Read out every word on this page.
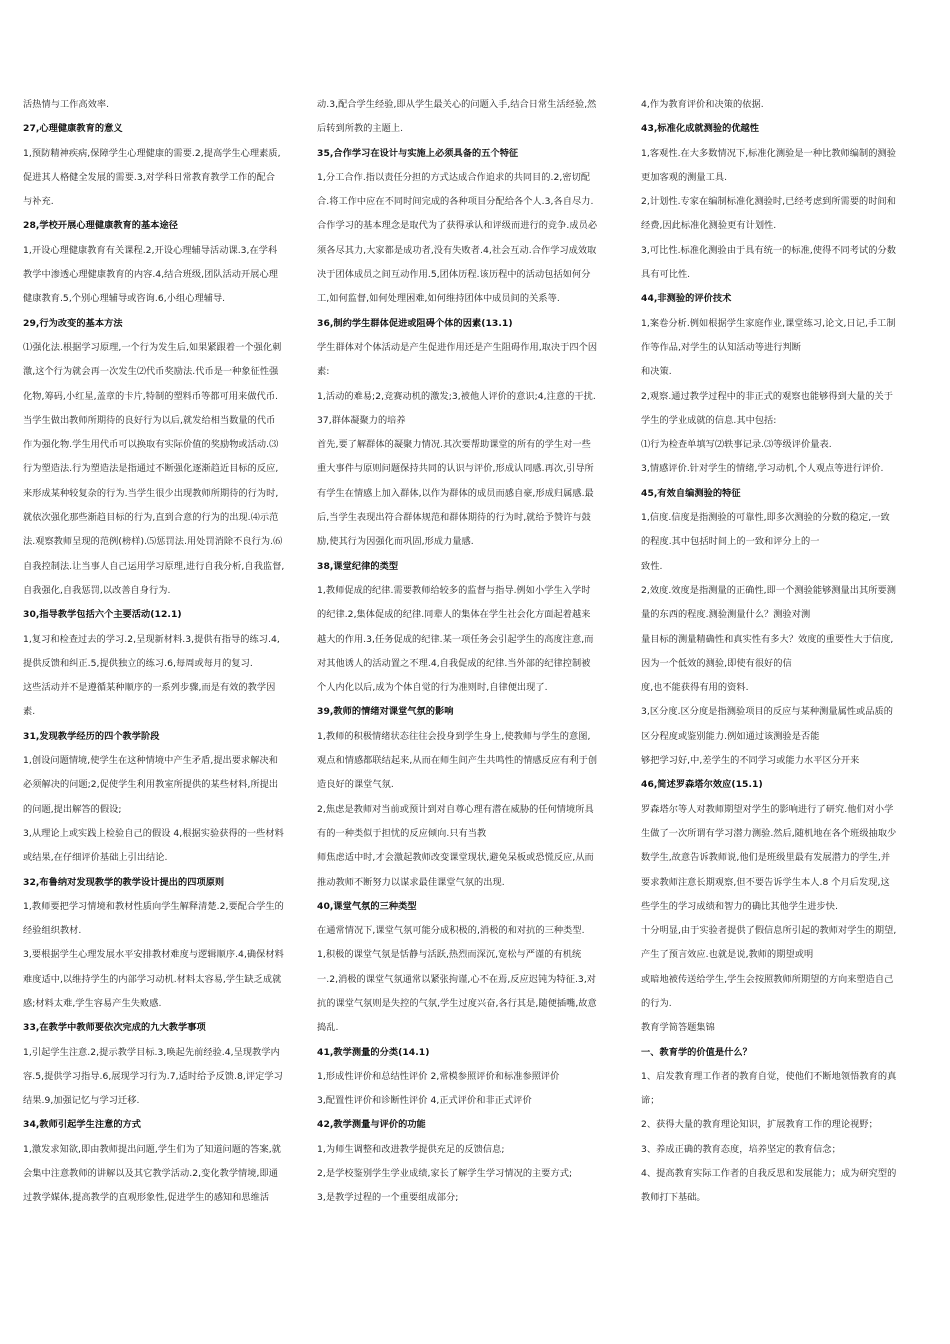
活热情与工作高效率.
27,心理健康教育的意义
1,预防精神疾病,保障学生心理健康的需要.2,提高学生心理素质,
促进其人格健全发展的需要.3,对学科日常教育教学工作的配合
与补充.
28,学校开展心理健康教育的基本途径
1,开设心理健康教育有关课程.2,开设心理辅导活动课.3,在学科
教学中渗透心理健康教育的内容.4,结合班级,团队活动开展心理
健康教育.5,个别心理辅导或咨询.6,小组心理辅导.
29,行为改变的基本方法
⑴强化法.根据学习原理,一个行为发生后,如果紧跟着一个强化刺
激,这个行为就会再一次发生⑵代币奖励法.代币是一种象征性强
化物,筹码,小红星,盖章的卡片,特制的塑料币等都可用来做代币.
当学生做出教师所期待的良好行为以后,就发给相当数量的代币
作为强化物.学生用代币可以换取有实际价值的奖励物或活动.⑶
行为塑造法.行为塑造法是指通过不断强化逐渐趋近目标的反应,
来形成某种较复杂的行为.当学生很少出现教师所期待的行为时,
就依次强化那些渐趋目标的行为,直到合意的行为的出现.⑷示范
法.观察教师呈现的范例(榜样).⑸惩罚法.用处罚消除不良行为.⑹
自我控制法.让当事人自己运用学习原理,进行自我分析,自我监督,
自我强化,自我惩罚,以改善自身行为.
30,指导教学包括六个主要活动(12.1)
1,复习和检查过去的学习.2,呈现新材料.3,提供有指导的练习.4,
提供反馈和纠正.5,提供独立的练习.6,每周或每月的复习.
这些活动并不是遵循某种顺序的一系列步骤,而是有效的教学因
素.
31,发现教学经历的四个教学阶段
1,创设问题情境,使学生在这种情境中产生矛盾,提出要求解决和
必须解决的问题;2,促使学生利用教室所提供的某些材料,所提出
的问题,提出解答的假设;
3,从理论上或实践上检验自己的假设 4,根据实验获得的一些材料
或结果,在仔细评价基础上引出结论.
32,布鲁纳对发现教学的教学设计提出的四项原则
1,教师要把学习情境和教材性质向学生解释清楚.2,要配合学生的
经验组织教材.
3,要根据学生心理发展水平安排教材难度与逻辑顺序.4,确保材料
难度适中,以维持学生的内部学习动机.材料太容易,学生缺乏成就
感;材料太难,学生容易产生失败感.
33,在教学中教师要依次完成的九大教学事项
1,引起学生注意.2,提示教学目标.3,唤起先前经验.4,呈现教学内
容.5,提供学习指导.6,展现学习行为.7,适时给予反馈.8,评定学习
结果.9,加强记忆与学习迁移.
34,教师引起学生注意的方式
1,激发求知欲,即由教师提出问题,学生们为了知道问题的答案,就
会集中注意教师的讲解以及其它教学活动.2,变化教学情境,即通
过教学媒体,提高教学的直观形象性,促进学生的感知和思维活
动.3,配合学生经验,即从学生最关心的问题入手,结合日常生活经验,然
后转到所教的主题上.
35,合作学习在设计与实施上必须具备的五个特征
1,分工合作.指以责任分担的方式达成合作追求的共同目的.2,密切配
合.将工作中应在不同时间完成的各种项目分配给各个人.3,各自尽力.
合作学习的基本理念是取代为了获得承认和评级而进行的竞争.成员必
须各尽其力,大家都是成功者,没有失败者.4,社会互动.合作学习成效取
决于团体成员之间互动作用.5,团体历程.该历程中的活动包括如何分
工,如何监督,如何处理困难,如何维持团体中成员间的关系等.
36,制约学生群体促进或阻碍个体的因素(13.1)
学生群体对个体活动是产生促进作用还是产生阻碍作用,取决于四个因
素:
1,活动的难易;2,竞赛动机的激发;3,被他人评价的意识;4,注意的干扰.
37,群体凝聚力的培养
首先,要了解群体的凝聚力情况.其次要帮助课堂的所有的学生对一些
重大事件与原则问题保持共同的认识与评价,形成认同感.再次,引导所
有学生在情感上加入群体,以作为群体的成员而感自豪,形成归属感.最
后,当学生表现出符合群体规范和群体期待的行为时,就给予赞许与鼓
励,使其行为因强化而巩固,形成力量感.
38,课堂纪律的类型
1,教师促成的纪律.需要教师给较多的监督与指导.例如小学生入学时
的纪律.2,集体促成的纪律.同辈人的集体在学生社会化方面起着越来
越大的作用.3,任务促成的纪律.某一项任务会引起学生的高度注意,而
对其他诱人的活动置之不理.4,自我促成的纪律.当外部的纪律控制被
个人内化以后,成为个体自觉的行为准则时,自律便出现了.
39,教师的情绪对课堂气氛的影响
1,教师的积极情绪状态往往会投身到学生身上,使教师与学生的意图,
观点和情感都联结起来,从而在师生间产生共鸣性的情感反应有利于创
造良好的课堂气氛.
2,焦虑是教师对当前或预计到对自尊心理有潜在威胁的任何情境所具
有的一种类似于担忧的反应倾向.只有当教
师焦虑适中时,才会激起教师改变课堂现状,避免呆板或恐慌反应,从而
推动教师不断努力以谋求最佳课堂气氛的出现.
40,课堂气氛的三种类型
在通常情况下,课堂气氛可能分成积极的,消极的和对抗的三种类型.
1,积极的课堂气氛是恬静与活跃,热烈而深沉,宽松与严谨的有机统
一.2,消极的课堂气氛通常以紧张拘谨,心不在焉,反应迟钝为特征.3,对
抗的课堂气氛则是失控的气氛,学生过度兴奋,各行其是,随便插嘴,故意
捣乱.
41,教学测量的分类(14.1)
1,形成性评价和总结性评价 2,常模参照评价和标准参照评价
3,配置性评价和诊断性评价 4,正式评价和非正式评价
42,教学测量与评价的功能
1,为师生调整和改进教学提供充足的反馈信息;
2,是学校鉴别学生学业成绩,家长了解学生学习情况的主要方式;
3,是教学过程的一个重要组成部分;
4,作为教育评价和决策的依据.
43,标准化成就测验的优越性
1,客观性.在大多数情况下,标准化测验是一种比教师编制的测验
更加客观的测量工具.
2,计划性.专家在编制标准化测验时,已经考虑到所需要的时间和
经费,因此标准化测验更有计划性.
3,可比性.标准化测验由于具有统一的标准,使得不同考试的分数
具有可比性.
44,非测验的评价技术
1,案卷分析.例如根据学生家庭作业,课堂练习,论文,日记,手工制
作等作品,对学生的认知活动等进行判断
和决策.
2,观察.通过教学过程中的非正式的观察也能够得到大量的关于
学生的学业成就的信息.其中包括:
⑴行为检查单填写⑵轶事记录.⑶等级评价量表.
3,情感评价.针对学生的情绪,学习动机,个人观点等进行评价.
45,有效自编测验的特征
1,信度.信度是指测验的可靠性,即多次测验的分数的稳定,一致
的程度.其中包括时间上的一致和评分上的一
致性.
2,效度.效度是指测量的正确性,即一个测验能够测量出其所要测
量的东西的程度.测验测量什么？测验对测
量目标的测量精确性和真实性有多大？效度的重要性大于信度,
因为一个低效的测验,即使有很好的信
度,也不能获得有用的资料.
3,区分度.区分度是指测验项目的反应与某种测量属性或品质的
区分程度或鉴别能力.例如通过该测验是否能
够把学习好,中,差学生的不同学习或能力水平区分开来
46,简述罗森塔尔效应(15.1)
罗森塔尔等人对教师期望对学生的影响进行了研究.他们对小学
生做了一次所谓有学习潜力测验.然后,随机地在各个班级抽取少
数学生,故意告诉教师说,他们是班级里最有发展潜力的学生,并
要求教师注意长期观察,但不要告诉学生本人.8 个月后发现,这
些学生的学习成绩和智力的确比其他学生进步快.
十分明显,由于实验者提供了假信息所引起的教师对学生的期望,
产生了预言效应.也就是说,教师的期望或明
或暗地被传送给学生,学生会按照教师所期望的方向来塑造自己
的行为.
教育学简答题集锦
一、教育学的价值是什么？
1、启发教育理工作者的教育自觉，使他们不断地领悟教育的真
谛；
2、获得大量的教育理论知识，扩展教育工作的理论视野；
3、养成正确的教育态度，培养坚定的教育信念；
4、提高教育实际工作者的自我反思和发展能力；成为研究型的
教师打下基础。
